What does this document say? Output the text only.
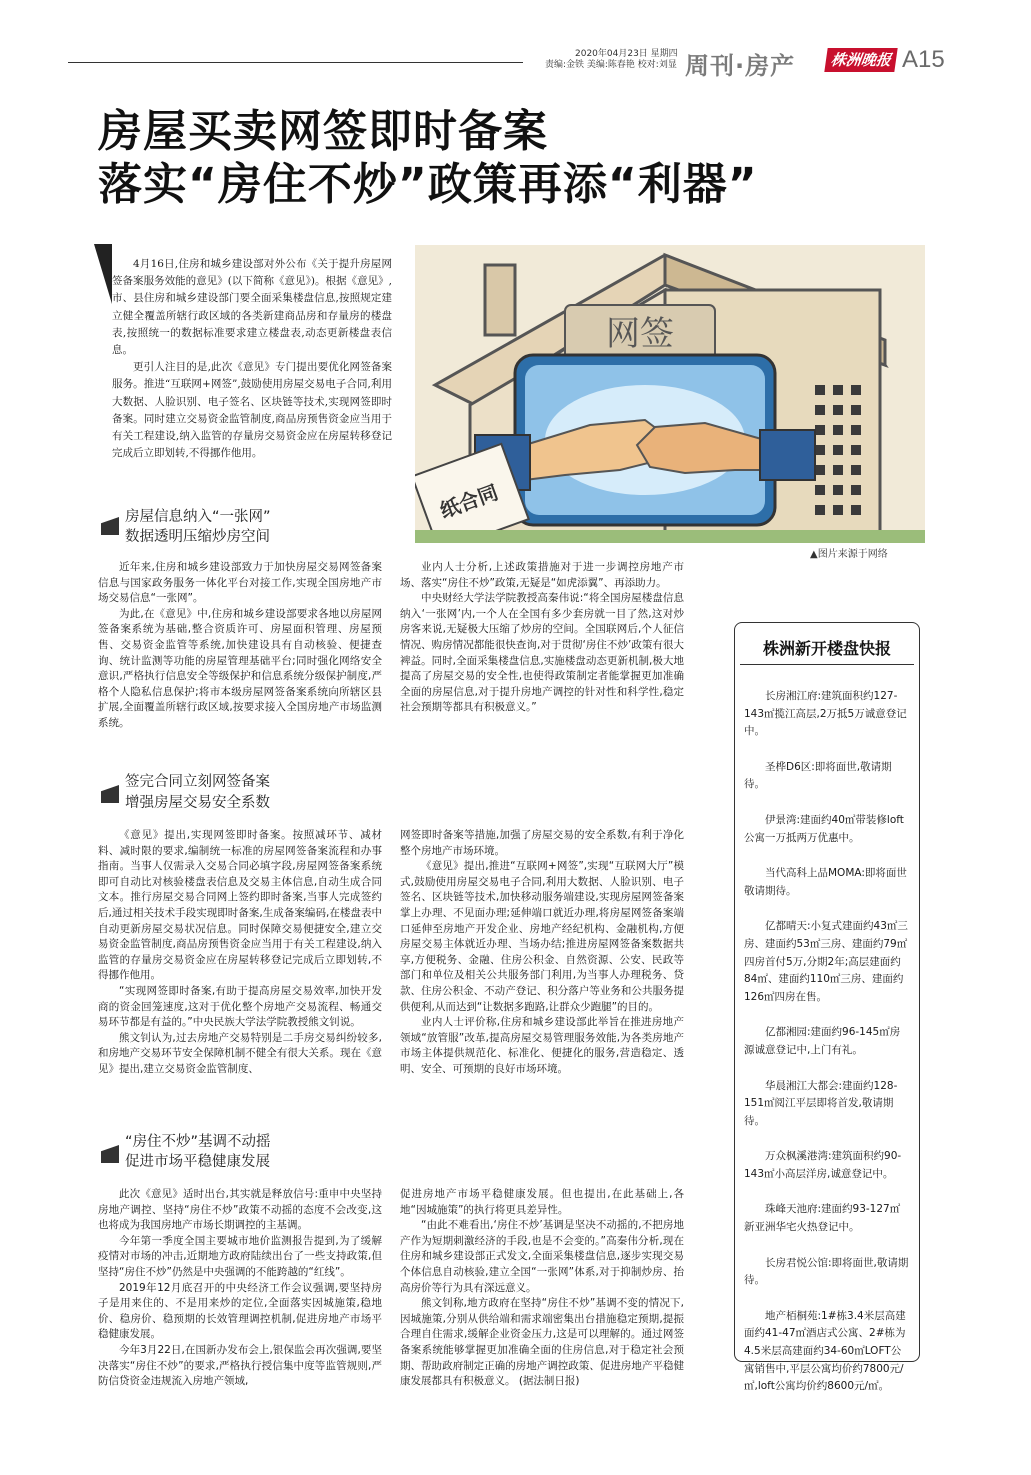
2020年04月23日 星期四
责编:金铁 美编:陈春艳 校对:刘显 周刊·房产	株洲晚报 A15
房屋买卖网签即时备案
落实“房住不炒”政策再添“利器”

4月16日,住房和城乡建设部对外公布《关于提升房屋网签备案服务效能的意见》(以下简称《意见》)。根据《意见》,市、县住房和城乡建设部门要全面采集楼盘信息,按照规定建立健全覆盖所辖行政区域的各类新建商品房和存量房的楼盘表,按照统一的数据标准要求建立楼盘表,动态更新楼盘表信息。

更引人注目的是,此次《意见》专门提出要优化网签备案服务。推进“互联网+网签”,鼓励使用房屋交易电子合同,利用大数据、人脸识别、电子签名、区块链等技术,实现网签即时备案。同时建立交易资金监管制度,商品房预售资金应当用于有关工程建设,纳入监管的存量房交易资金应在房屋转移登记完成后立即划转,不得挪作他用。

网签
纸合同
▲图片来源于网络
房屋信息纳入“一张网”
数据透明压缩炒房空间

近年来,住房和城乡建设部致力于加快房屋交易网签备案信息与国家政务服务一体化平台对接工作,实现全国房地产市场交易信息“一张网”。

为此,在《意见》中,住房和城乡建设部要求各地以房屋网签备案系统为基础,整合资质许可、房屋面积管理、房屋预售、交易资金监管等系统,加快建设具有自动核验、便捷查询、统计监测等功能的房屋管理基础平台;同时强化网络安全意识,严格执行信息安全等级保护和信息系统分级保护制度,严格个人隐私信息保护;将市本级房屋网签备案系统向所辖区县扩展,全面覆盖所辖行政区域,按要求接入全国房地产市场监测系统。

业内人士分析,上述政策措施对于进一步调控房地产市场、落实“房住不炒”政策,无疑是“如虎添翼”、再添助力。

中央财经大学法学院教授高秦伟说:“将全国房屋楼盘信息纳入‘一张网’内,一个人在全国有多少套房就一目了然,这对炒房客来说,无疑极大压缩了炒房的空间。全国联网后,个人征信情况、购房情况都能很快查询,对于贯彻‘房住不炒’政策有很大裨益。同时,全面采集楼盘信息,实施楼盘动态更新机制,极大地提高了房屋交易的安全性,也使得政策制定者能掌握更加准确全面的房屋信息,对于提升房地产调控的针对性和科学性,稳定社会预期等都具有积极意义。”

签完合同立刻网签备案
增强房屋交易安全系数

《意见》提出,实现网签即时备案。按照减环节、减材料、减时限的要求,编制统一标准的房屋网签备案流程和办事指南。当事人仅需录入交易合同必填字段,房屋网签备案系统即可自动比对核验楼盘表信息及交易主体信息,自动生成合同文本。推行房屋交易合同网上签约即时备案,当事人完成签约后,通过相关技术手段实现即时备案,生成备案编码,在楼盘表中自动更新房屋交易状况信息。同时保障交易便捷安全,建立交易资金监管制度,商品房预售资金应当用于有关工程建设,纳入监管的存量房交易资金应在房屋转移登记完成后立即划转,不得挪作他用。

“实现网签即时备案,有助于提高房屋交易效率,加快开发商的资金回笼速度,这对于优化整个房地产交易流程、畅通交易环节都是有益的。”中央民族大学法学院教授熊文钊说。

熊文钊认为,过去房地产交易特别是二手房交易纠纷较多,和房地产交易环节安全保障机制不健全有很大关系。现在《意见》提出,建立交易资金监管制度、

网签即时备案等措施,加强了房屋交易的安全系数,有利于净化整个房地产市场环境。

《意见》提出,推进“互联网+网签”,实现“互联网大厅”模式,鼓励使用房屋交易电子合同,利用大数据、人脸识别、电子签名、区块链等技术,加快移动服务端建设,实现房屋网签备案掌上办理、不见面办理;延伸端口就近办理,将房屋网签备案端口延伸至房地产开发企业、房地产经纪机构、金融机构,方便房屋交易主体就近办理、当场办结;推进房屋网签备案数据共享,方便税务、金融、住房公积金、自然资源、公安、民政等部门和单位及相关公共服务部门利用,为当事人办理税务、贷款、住房公积金、不动产登记、积分落户等业务和公共服务提供便利,从而达到“让数据多跑路,让群众少跑腿”的目的。

业内人士评价称,住房和城乡建设部此举旨在推进房地产领域“放管服”改革,提高房屋交易管理服务效能,为各类房地产市场主体提供规范化、标准化、便捷化的服务,营造稳定、透明、安全、可预期的良好市场环境。

“房住不炒”基调不动摇
促进市场平稳健康发展

此次《意见》适时出台,其实就是释放信号:重申中央坚持房地产调控、坚持“房住不炒”政策不动摇的态度不会改变,这也将成为我国房地产市场长期调控的主基调。

今年第一季度全国主要城市地价监测报告提到,为了缓解疫情对市场的冲击,近期地方政府陆续出台了一些支持政策,但坚持“房住不炒”仍然是中央强调的不能跨越的“红线”。

2019年12月底召开的中央经济工作会议强调,要坚持房子是用来住的、不是用来炒的定位,全面落实因城施策,稳地价、稳房价、稳预期的长效管理调控机制,促进房地产市场平稳健康发展。

今年3月22日,在国新办发布会上,银保监会再次强调,要坚决落实“房住不炒”的要求,严格执行授信集中度等监管规则,严防信贷资金违规流入房地产领域,

促进房地产市场平稳健康发展。但也提出,在此基础上,各地“因城施策”的执行将更具差异性。

“由此不难看出,‘房住不炒’基调是坚决不动摇的,不把房地产作为短期刺激经济的手段,也是不会变的。”高秦伟分析,现在住房和城乡建设部正式发文,全面采集楼盘信息,逐步实现交易个体信息自动核验,建立全国“一张网”体系,对于抑制炒房、抬高房价等行为具有深远意义。

熊文钊称,地方政府在坚持“房住不炒”基调不变的情况下,因城施策,分别从供给端和需求端密集出台措施稳定预期,提振合理自住需求,缓解企业资金压力,这是可以理解的。通过网签备案系统能够掌握更加准确全面的住房信息,对于稳定社会预期、帮助政府制定正确的房地产调控政策、促进房地产平稳健康发展都具有积极意义。 (据法制日报)

株洲新开楼盘快报

长房湘江府:建筑面积约127-143㎡揽江高层,2万抵5万诚意登记中。

圣桦D6区:即将面世,敬请期待。

伊景湾:建面约40㎡带装修loft公寓一万抵两万优惠中。

当代高科上品MOMA:即将面世敬请期待。

亿都晴天:小复式建面约43㎡三房、建面约53㎡三房、建面约79㎡四房首付5万,分期2年;高层建面约84㎡、建面约110㎡三房、建面约126㎡四房在售。

亿都湘园:建面约96-145㎡房源诚意登记中,上门有礼。

华晨湘江大都会:建面约128-151㎡阅江平层即将首发,敬请期待。

万众枫溪港湾:建筑面积约90-143㎡小高层洋房,诚意登记中。

珠峰天池府:建面约93-127㎡新亚洲华宅火热登记中。

长房君悦公馆:即将面世,敬请期待。

地产栢桐苑:1#栋3.4米层高建面约41-47㎡酒店式公寓、2#栋为4.5米层高建面约34-60㎡LOFT公寓销售中,平层公寓均价约7800元/㎡,loft公寓均价约8600元/㎡。
